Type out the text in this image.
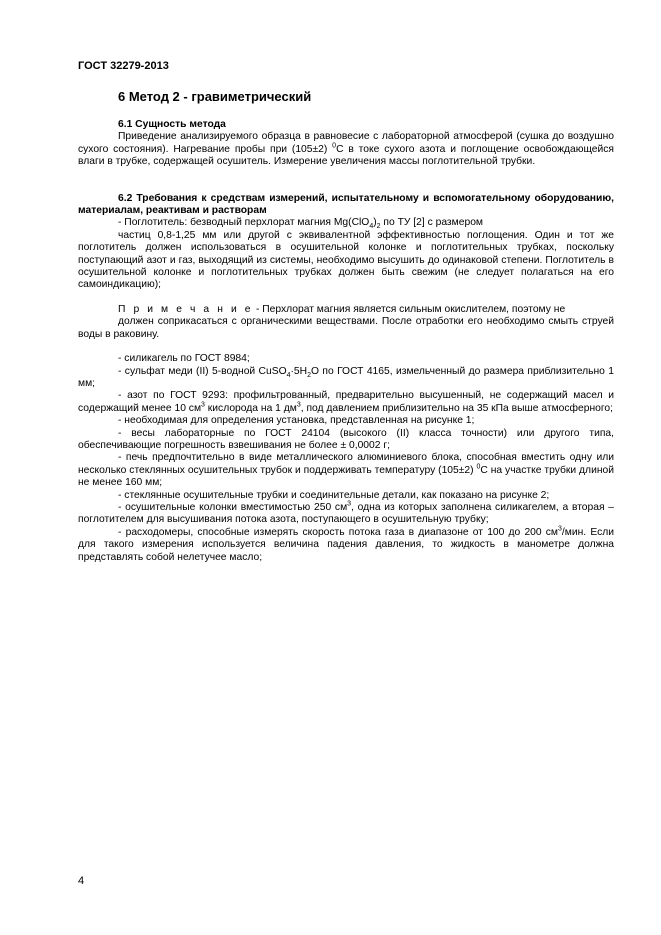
ГОСТ 32279-2013

6 Метод 2 - гравиметрический

6.1 Сущность метода

Приведение анализируемого образца в равновесие с лабораторной атмосферой (сушка до воздушно сухого состояния). Нагревание пробы при (105±2) $^0$С в токе сухого азота и поглощение освобождающейся влаги в трубке, содержащей осушитель. Измерение увеличения массы поглотительной трубки.

6.2 Требования к средствам измерений, испытательному и вспомогательному оборудованию, материалам, реактивам и растворам

- Поглотитель: безводный перхлорат магния $Mg(ClO_4)_2$ по ТУ [2] с размером

частиц 0,8-1,25 мм или другой с эквивалентной эффективностью поглощения. Один и тот же поглотитель должен использоваться в осушительной колонке и поглотительных трубках, поскольку поступающий азот и газ, выходящий из системы, необходимо высушить до одинаковой степени. Поглотитель в осушительной колонке и поглотительных трубках должен быть свежим (не следует полагаться на его самоиндикацию);

П р и м е ч а н и е - Перхлорат магния является сильным окислителем, поэтому не

должен соприкасаться с органическими веществами. После отработки его необходимо смыть струей воды в раковину.

- силикагель по ГОСТ 8984;

- сульфат меди (II) 5-водной $CuSO_4\cdot 5H_2O$ по ГОСТ 4165, измельченный до размера приблизительно 1 мм;

- азот по ГОСТ 9293: профильтрованный, предварительно высушенный, не содержащий масел и содержащий менее 10 $см^3$ кислорода на 1 $дм^3$, под давлением приблизительно на 35 кПа выше атмосферного;

- необходимая для определения установка, представленная на рисунке 1;

- весы лабораторные по ГОСТ 24104 (высокого (II) класса точности) или другого типа, обеспечивающие погрешность взвешивания не более ± 0,0002 г;

- печь предпочтительно в виде металлического алюминиевого блока, способная вместить одну или несколько стеклянных осушительных трубок и поддерживать температуру (105±2) $^0$С на участке трубки длиной не менее 160 мм;

- стеклянные осушительные трубки и соединительные детали, как показано на рисунке 2;

- осушительные колонки вместимостью 250 $см^3$, одна из которых заполнена силикагелем, а вторая – поглотителем для высушивания потока азота, поступающего в осушительную трубку;

- расходомеры, способные измерять скорость потока газа в диапазоне от 100 до 200 $см^3$/мин. Если для такого измерения используется величина падения давления, то жидкость в манометре должна представлять собой нелетучее масло;

4
